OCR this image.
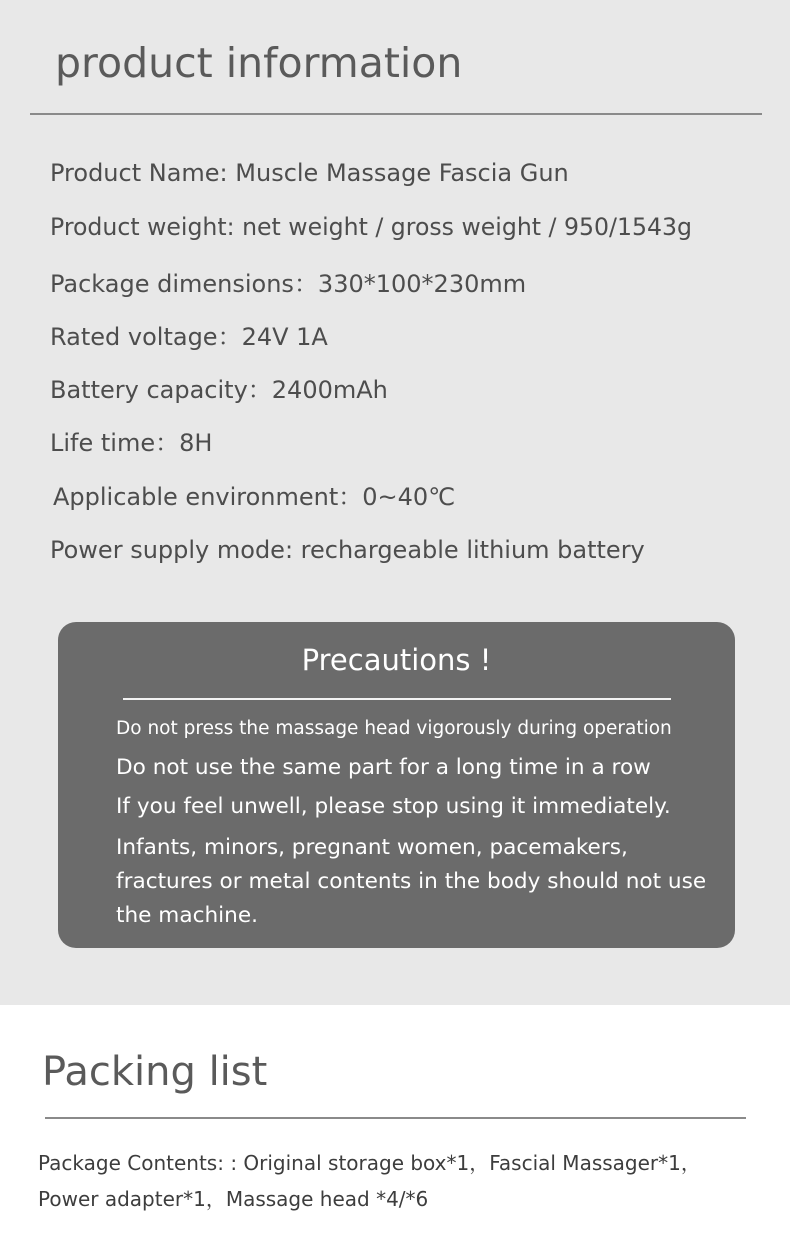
product information
Product Name: Muscle Massage Fascia Gun
Product weight: net weight / gross weight / 950/1543g
Package dimensions：330*100*230mm
Rated voltage：24V 1A
Battery capacity：2400mAh
Life time：8H
Applicable environment：0~40℃
Power supply mode: rechargeable lithium battery
Precautions !
Do not press the massage head vigorously during operation
Do not use the same part for a long time in a row
If you feel unwell, please stop using it immediately.
Infants, minors, pregnant women, pacemakers, fractures or metal contents in the body should not use the machine.
Packing list
Package Contents: : Original storage box*1，Fascial Massager*1，
Power adapter*1，Massage head *4/*6
